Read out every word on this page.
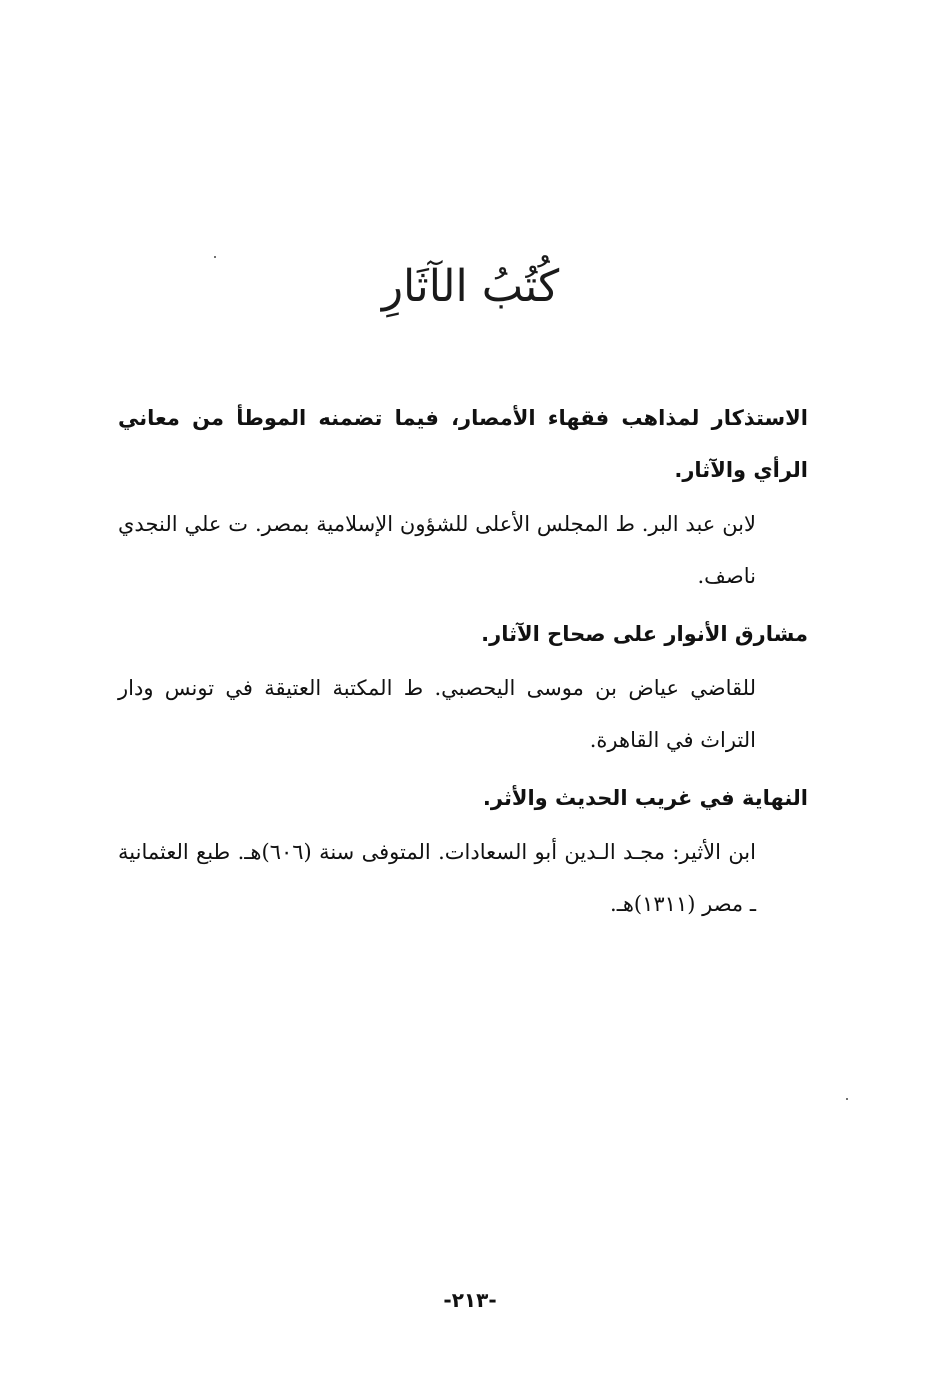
كُتُبُ الآثَارِ

الاستذكار لمذاهب فقهاء الأمصار، فيما تضمنه الموطأ من معاني الرأي والآثار.

لابن عبد البر. ط المجلس الأعلى للشؤون الإسلامية بمصر. ت علي النجدي ناصف.

مشارق الأنوار على صحاح الآثار.

للقاضي عياض بن موسى اليحصبي. ط المكتبة العتيقة في تونس ودار التراث في القاهرة.

النهاية في غريب الحديث والأثر.

ابن الأثير: مجـد الـدين أبو السعادات. المتوفى سنة (٦٠٦)هـ. طبع العثمانية ـ مصر (١٣١١)هـ.

-٢١٣-
